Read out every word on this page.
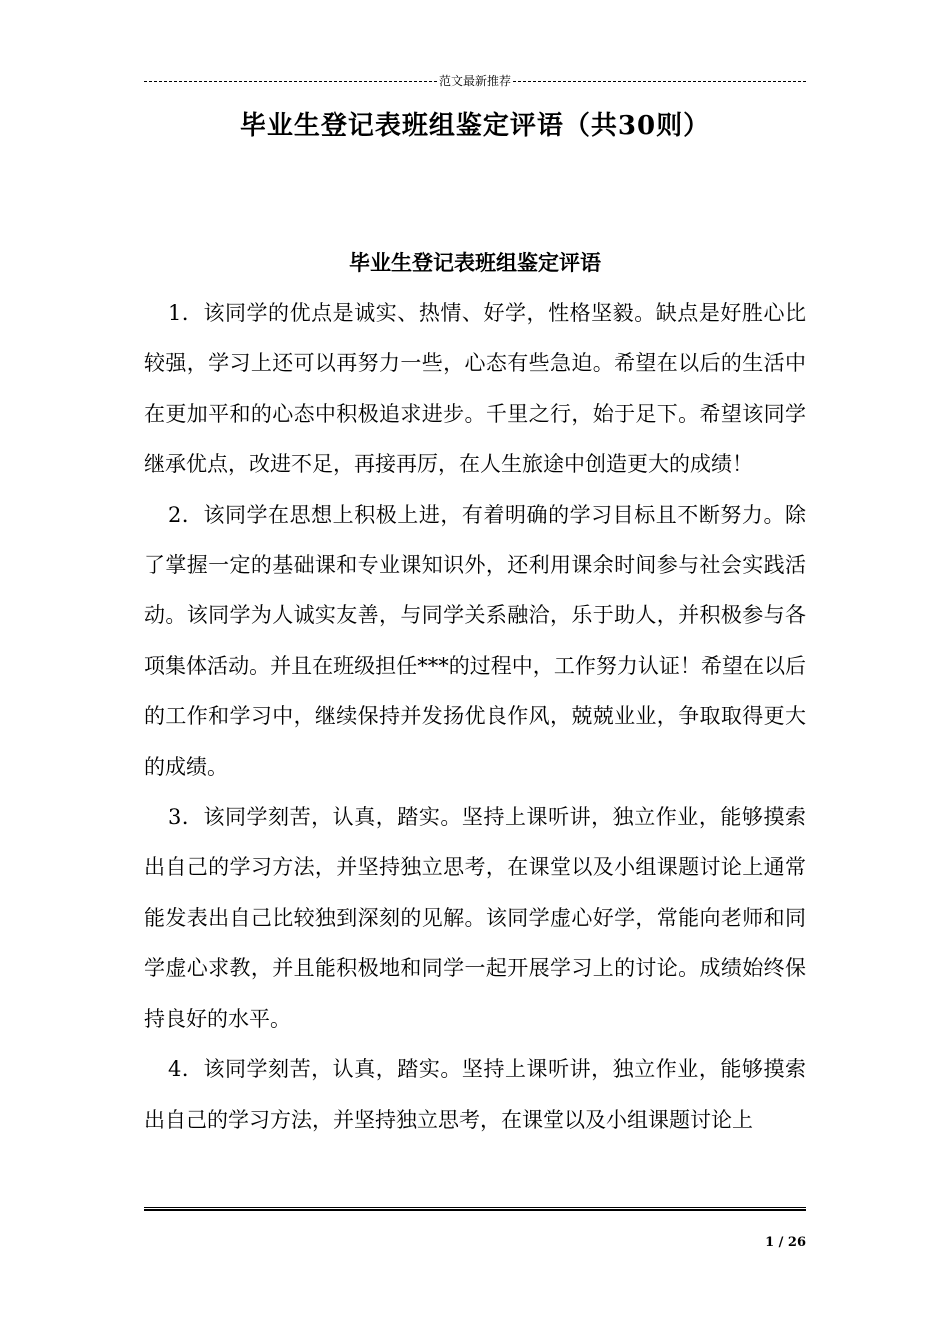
范文最新推荐
毕业生登记表班组鉴定评语（共30则）
毕业生登记表班组鉴定评语

1．该同学的优点是诚实、热情、好学，性格坚毅。缺点是好胜心比较强，学习上还可以再努力一些，心态有些急迫。希望在以后的生活中在更加平和的心态中积极追求进步。千里之行，始于足下。希望该同学继承优点，改进不足，再接再厉，在人生旅途中创造更大的成绩！

2．该同学在思想上积极上进，有着明确的学习目标且不断努力。除了掌握一定的基础课和专业课知识外，还利用课余时间参与社会实践活动。该同学为人诚实友善，与同学关系融洽，乐于助人，并积极参与各项集体活动。并且在班级担任***的过程中，工作努力认证！希望在以后的工作和学习中，继续保持并发扬优良作风，兢兢业业，争取取得更大的成绩。

3．该同学刻苦，认真，踏实。坚持上课听讲，独立作业，能够摸索出自己的学习方法，并坚持独立思考，在课堂以及小组课题讨论上通常能发表出自己比较独到深刻的见解。该同学虚心好学，常能向老师和同学虚心求教，并且能积极地和同学一起开展学习上的讨论。成绩始终保持良好的水平。

4．该同学刻苦，认真，踏实。坚持上课听讲，独立作业，能够摸索出自己的学习方法，并坚持独立思考，在课堂以及小组课题讨论上

1 / 26
